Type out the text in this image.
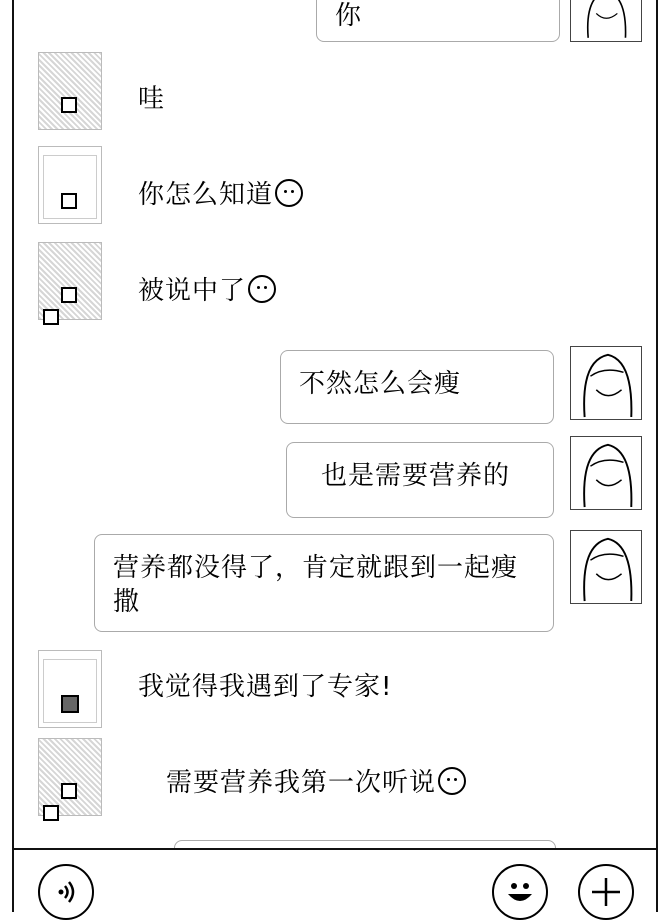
你
哇
你怎么知道
被说中了
不然怎么会瘦
也是需要营养的
营养都没得了，肯定就跟到一起瘦撒
我觉得我遇到了专家!
需要营养我第一次听说
